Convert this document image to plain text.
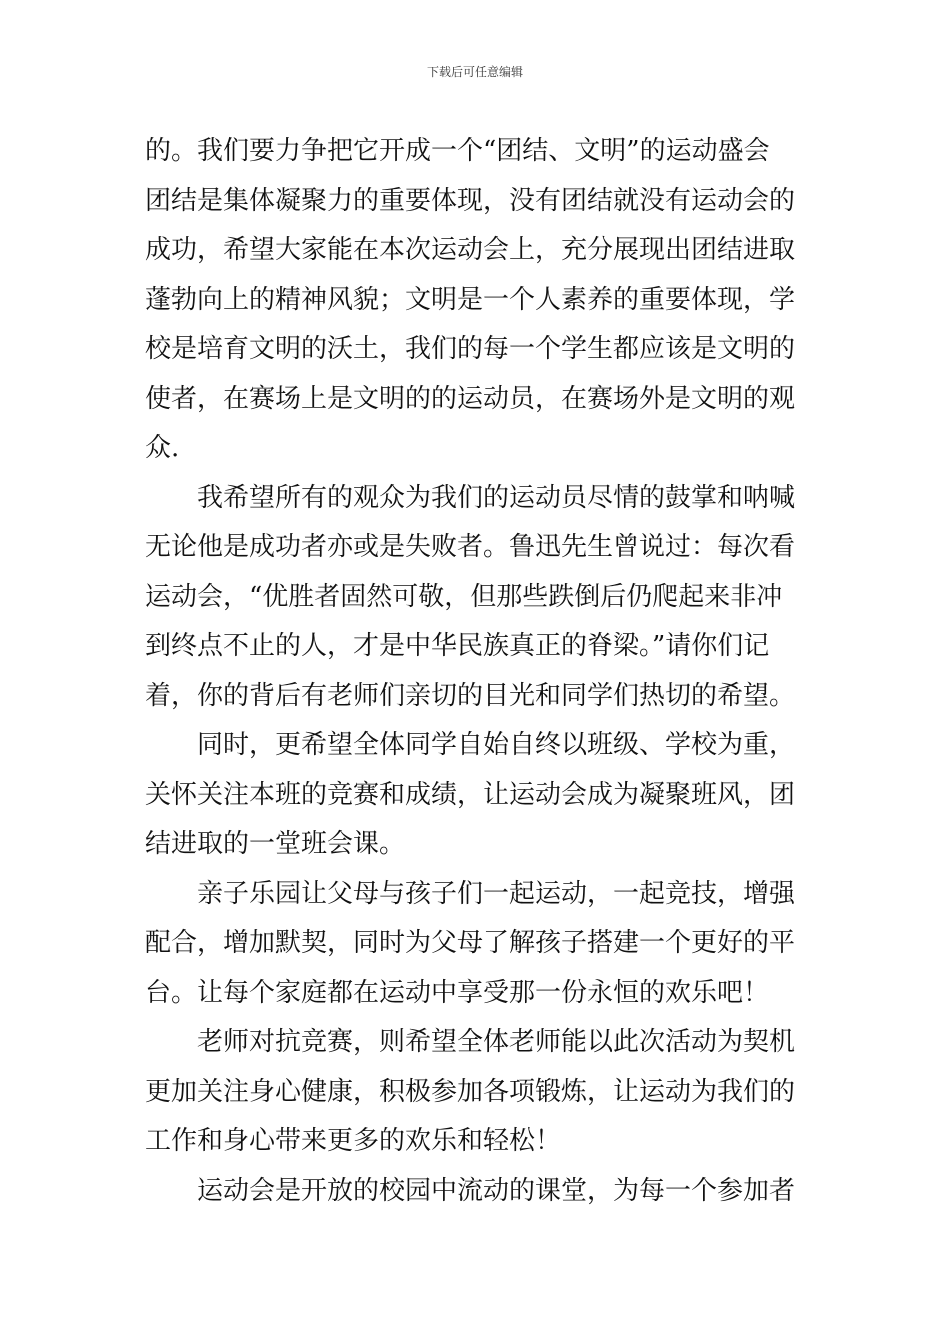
下载后可任意编辑
的。我们要力争把它开成一个“团结、文明”的运动盛会
团结是集体凝聚力的重要体现，没有团结就没有运动会的
成功，希望大家能在本次运动会上，充分展现出团结进取
蓬勃向上的精神风貌；文明是一个人素养的重要体现，学
校是培育文明的沃土，我们的每一个学生都应该是文明的
使者，在赛场上是文明的的运动员，在赛场外是文明的观
众.
我希望所有的观众为我们的运动员尽情的鼓掌和呐喊
无论他是成功者亦或是失败者。鲁迅先生曾说过：每次看
运动会，“优胜者固然可敬，但那些跌倒后仍爬起来非冲
到终点不止的人，才是中华民族真正的脊梁。”请你们记
着，你的背后有老师们亲切的目光和同学们热切的希望。
同时，更希望全体同学自始自终以班级、学校为重，
关怀关注本班的竞赛和成绩，让运动会成为凝聚班风，团
结进取的一堂班会课。
亲子乐园让父母与孩子们一起运动，一起竞技，增强
配合，增加默契，同时为父母了解孩子搭建一个更好的平
台。让每个家庭都在运动中享受那一份永恒的欢乐吧！
老师对抗竞赛，则希望全体老师能以此次活动为契机
更加关注身心健康，积极参加各项锻炼，让运动为我们的
工作和身心带来更多的欢乐和轻松！
运动会是开放的校园中流动的课堂，为每一个参加者
